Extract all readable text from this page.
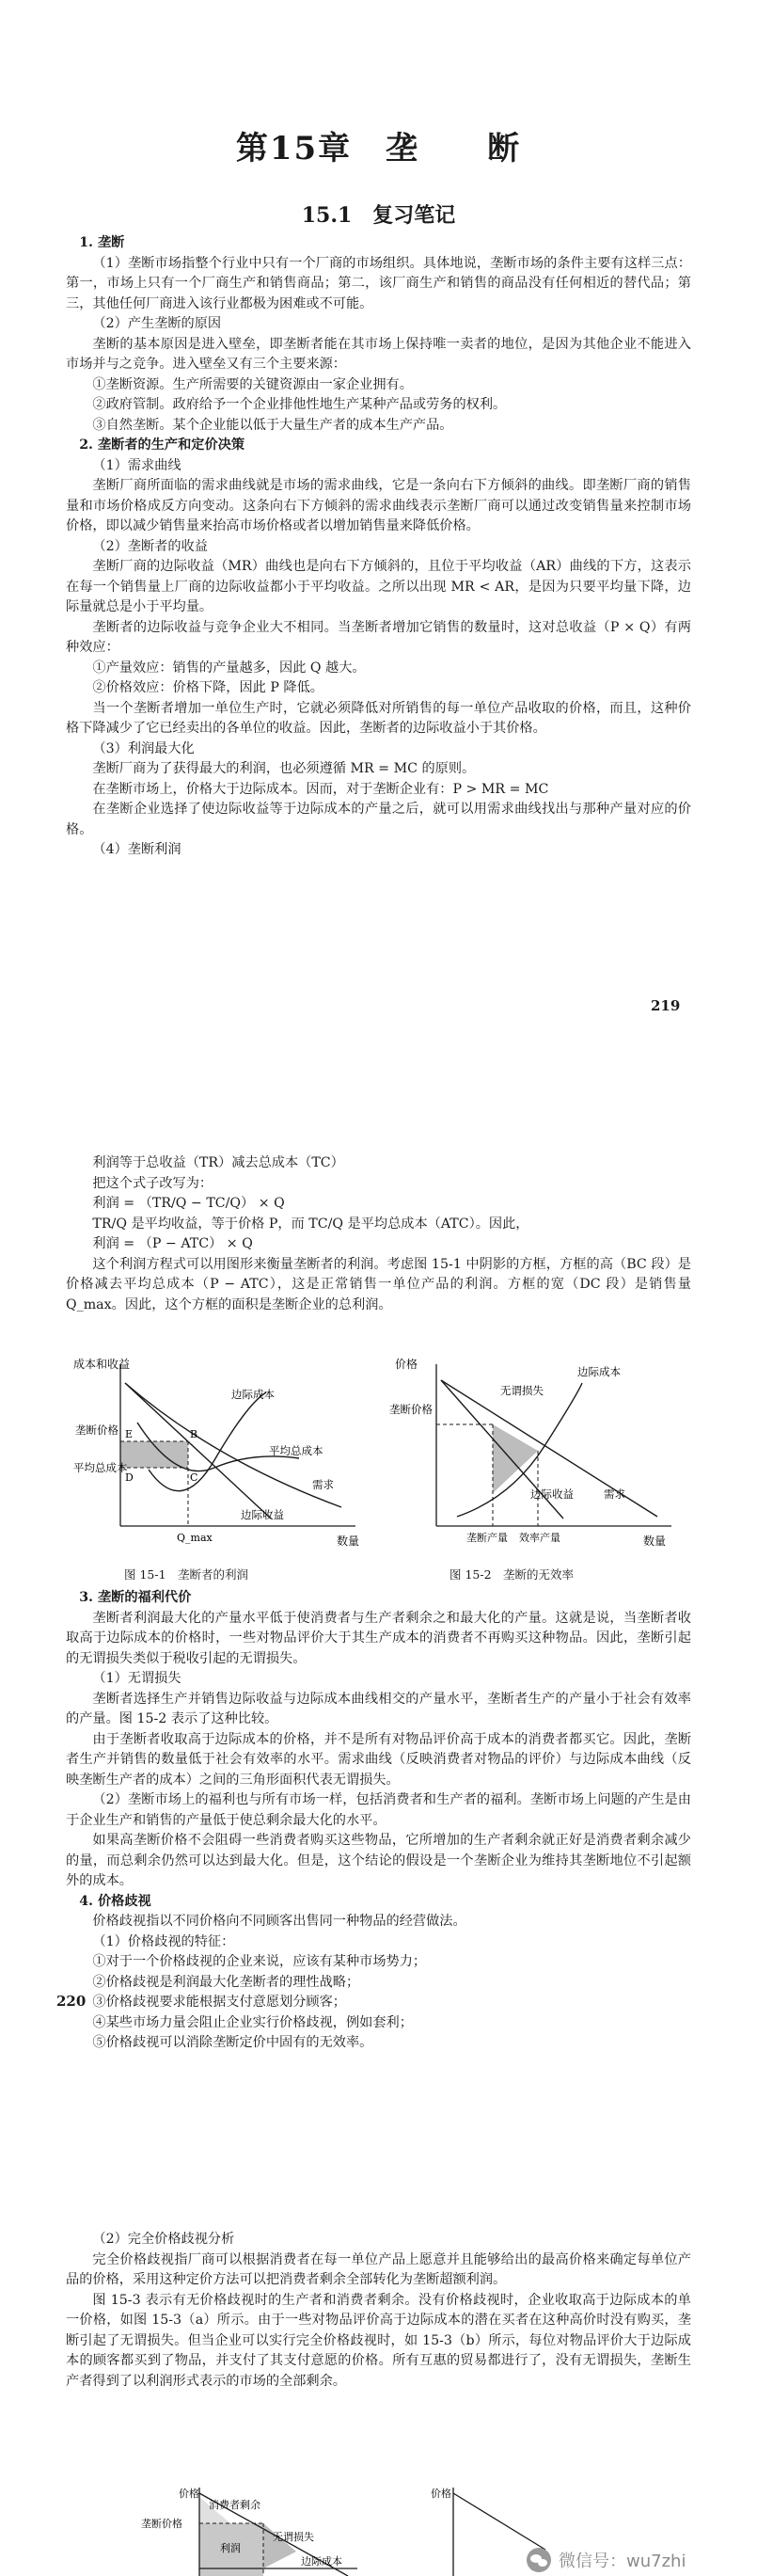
第15章　垄　　断
15.1　复习笔记

1. 垄断

（1）垄断市场指整个行业中只有一个厂商的市场组织。具体地说，垄断市场的条件主要有这样三点：第一，市场上只有一个厂商生产和销售商品；第二，该厂商生产和销售的商品没有任何相近的替代品；第三，其他任何厂商进入该行业都极为困难或不可能。

（2）产生垄断的原因

垄断的基本原因是进入壁垒，即垄断者能在其市场上保持唯一卖者的地位，是因为其他企业不能进入市场并与之竞争。进入壁垒又有三个主要来源：

①垄断资源。生产所需要的关键资源由一家企业拥有。

②政府管制。政府给予一个企业排他性地生产某种产品或劳务的权利。

③自然垄断。某个企业能以低于大量生产者的成本生产产品。

2. 垄断者的生产和定价决策

（1）需求曲线

垄断厂商所面临的需求曲线就是市场的需求曲线，它是一条向右下方倾斜的曲线。即垄断厂商的销售量和市场价格成反方向变动。这条向右下方倾斜的需求曲线表示垄断厂商可以通过改变销售量来控制市场价格，即以减少销售量来抬高市场价格或者以增加销售量来降低价格。

（2）垄断者的收益

垄断厂商的边际收益（MR）曲线也是向右下方倾斜的，且位于平均收益（AR）曲线的下方，这表示在每一个销售量上厂商的边际收益都小于平均收益。之所以出现 MR < AR，是因为只要平均量下降，边际量就总是小于平均量。

垄断者的边际收益与竞争企业大不相同。当垄断者增加它销售的数量时，这对总收益（P × Q）有两种效应：

①产量效应：销售的产量越多，因此 Q 越大。

②价格效应：价格下降，因此 P 降低。

当一个垄断者增加一单位生产时，它就必须降低对所销售的每一单位产品收取的价格，而且，这种价格下降减少了它已经卖出的各单位的收益。因此，垄断者的边际收益小于其价格。

（3）利润最大化

垄断厂商为了获得最大的利润，也必须遵循 MR = MC 的原则。

在垄断市场上，价格大于边际成本。因而，对于垄断企业有：P > MR = MC

在垄断企业选择了使边际收益等于边际成本的产量之后，就可以用需求曲线找出与那种产量对应的价格。

（4）垄断利润

219

利润等于总收益（TR）减去总成本（TC）

把这个式子改写为：

利润 = （TR/Q − TC/Q） × Q

TR/Q 是平均收益，等于价格 P，而 TC/Q 是平均总成本（ATC）。因此，

利润 = （P − ATC） × Q

这个利润方程式可以用图形来衡量垄断者的利润。考虑图 15-1 中阴影的方框，方框的高（BC 段）是价格减去平均总成本（P − ATC），这是正常销售一单位产品的利润。方框的宽（DC 段）是销售量 Q_max。因此，这个方框的面积是垄断企业的总利润。

成本和收益
垄断价格
平均总成本
E	B
D	C
边际成本
平均总成本
需求
边际收益
Q_max	数量
图 15-1　垄断者的利润
价格
垄断价格
边际成本
无谓损失
需求
边际收益
垄断产量 效率产量	数量
图 15-2　垄断的无效率

3. 垄断的福利代价

垄断者利润最大化的产量水平低于使消费者与生产者剩余之和最大化的产量。这就是说，当垄断者收取高于边际成本的价格时，一些对物品评价大于其生产成本的消费者不再购买这种物品。因此，垄断引起的无谓损失类似于税收引起的无谓损失。

（1）无谓损失

垄断者选择生产并销售边际收益与边际成本曲线相交的产量水平，垄断者生产的产量小于社会有效率的产量。图 15-2 表示了这种比较。

由于垄断者收取高于边际成本的价格，并不是所有对物品评价高于成本的消费者都买它。因此，垄断者生产并销售的数量低于社会有效率的水平。需求曲线（反映消费者对物品的评价）与边际成本曲线（反映垄断生产者的成本）之间的三角形面积代表无谓损失。

（2）垄断市场上的福利也与所有市场一样，包括消费者和生产者的福利。垄断市场上问题的产生是由于企业生产和销售的产量低于使总剩余最大化的水平。

如果高垄断价格不会阻碍一些消费者购买这些物品，它所增加的生产者剩余就正好是消费者剩余减少的量，而总剩余仍然可以达到最大化。但是，这个结论的假设是一个垄断企业为维持其垄断地位不引起额外的成本。

4. 价格歧视

价格歧视指以不同价格向不同顾客出售同一种物品的经营做法。

（1）价格歧视的特征：

①对于一个价格歧视的企业来说，应该有某种市场势力；

②价格歧视是利润最大化垄断者的理性战略；

③价格歧视要求能根据支付意愿划分顾客；

④某些市场力量会阻止企业实行价格歧视，例如套利；

⑤价格歧视可以消除垄断定价中固有的无效率。

220

（2）完全价格歧视分析

完全价格歧视指厂商可以根据消费者在每一单位产品上愿意并且能够给出的最高价格来确定每单位产品的价格，采用这种定价方法可以把消费者剩余全部转化为垄断超额利润。

图 15-3 表示有无价格歧视时的生产者和消费者剩余。没有价格歧视时，企业收取高于边际成本的单一价格，如图 15-3（a）所示。由于一些对物品评价高于边际成本的潜在买者在这种高价时没有购买，垄断引起了无谓损失。但当企业可以实行完全价格歧视时，如 15-3（b）所示，每位对物品评价大于边际成本的顾客都买到了物品，并支付了其支付意愿的价格。所有互惠的贸易都进行了，没有无谓损失，垄断生产者得到了以利润形式表示的市场的全部剩余。

价格
消费者剩余
垄断价格
无谓损失
利润
边际成本
价格
微信号：wu7zhi
